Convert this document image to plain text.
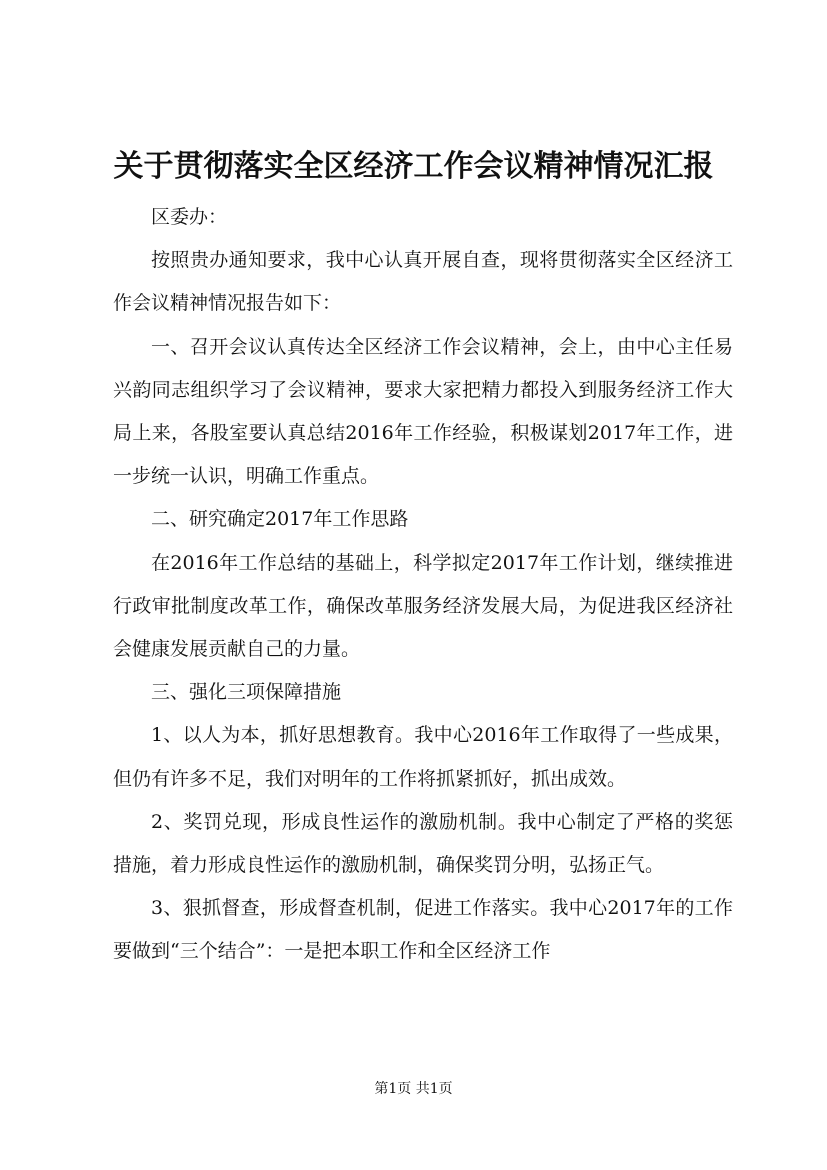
关于贯彻落实全区经济工作会议精神情况汇报

区委办：

按照贵办通知要求，我中心认真开展自查，现将贯彻落实全区经济工作会议精神情况报告如下：

一、召开会议认真传达全区经济工作会议精神，会上，由中心主任易兴韵同志组织学习了会议精神，要求大家把精力都投入到服务经济工作大局上来，各股室要认真总结2016年工作经验，积极谋划2017年工作，进一步统一认识，明确工作重点。

二、研究确定2017年工作思路

在2016年工作总结的基础上，科学拟定2017年工作计划，继续推进行政审批制度改革工作，确保改革服务经济发展大局，为促进我区经济社会健康发展贡献自己的力量。

三、强化三项保障措施

1、以人为本，抓好思想教育。我中心2016年工作取得了一些成果，但仍有许多不足，我们对明年的工作将抓紧抓好，抓出成效。

2、奖罚兑现，形成良性运作的激励机制。我中心制定了严格的奖惩措施，着力形成良性运作的激励机制，确保奖罚分明，弘扬正气。

3、狠抓督查，形成督查机制，促进工作落实。我中心2017年的工作要做到“三个结合”：一是把本职工作和全区经济工作

第1页 共1页
